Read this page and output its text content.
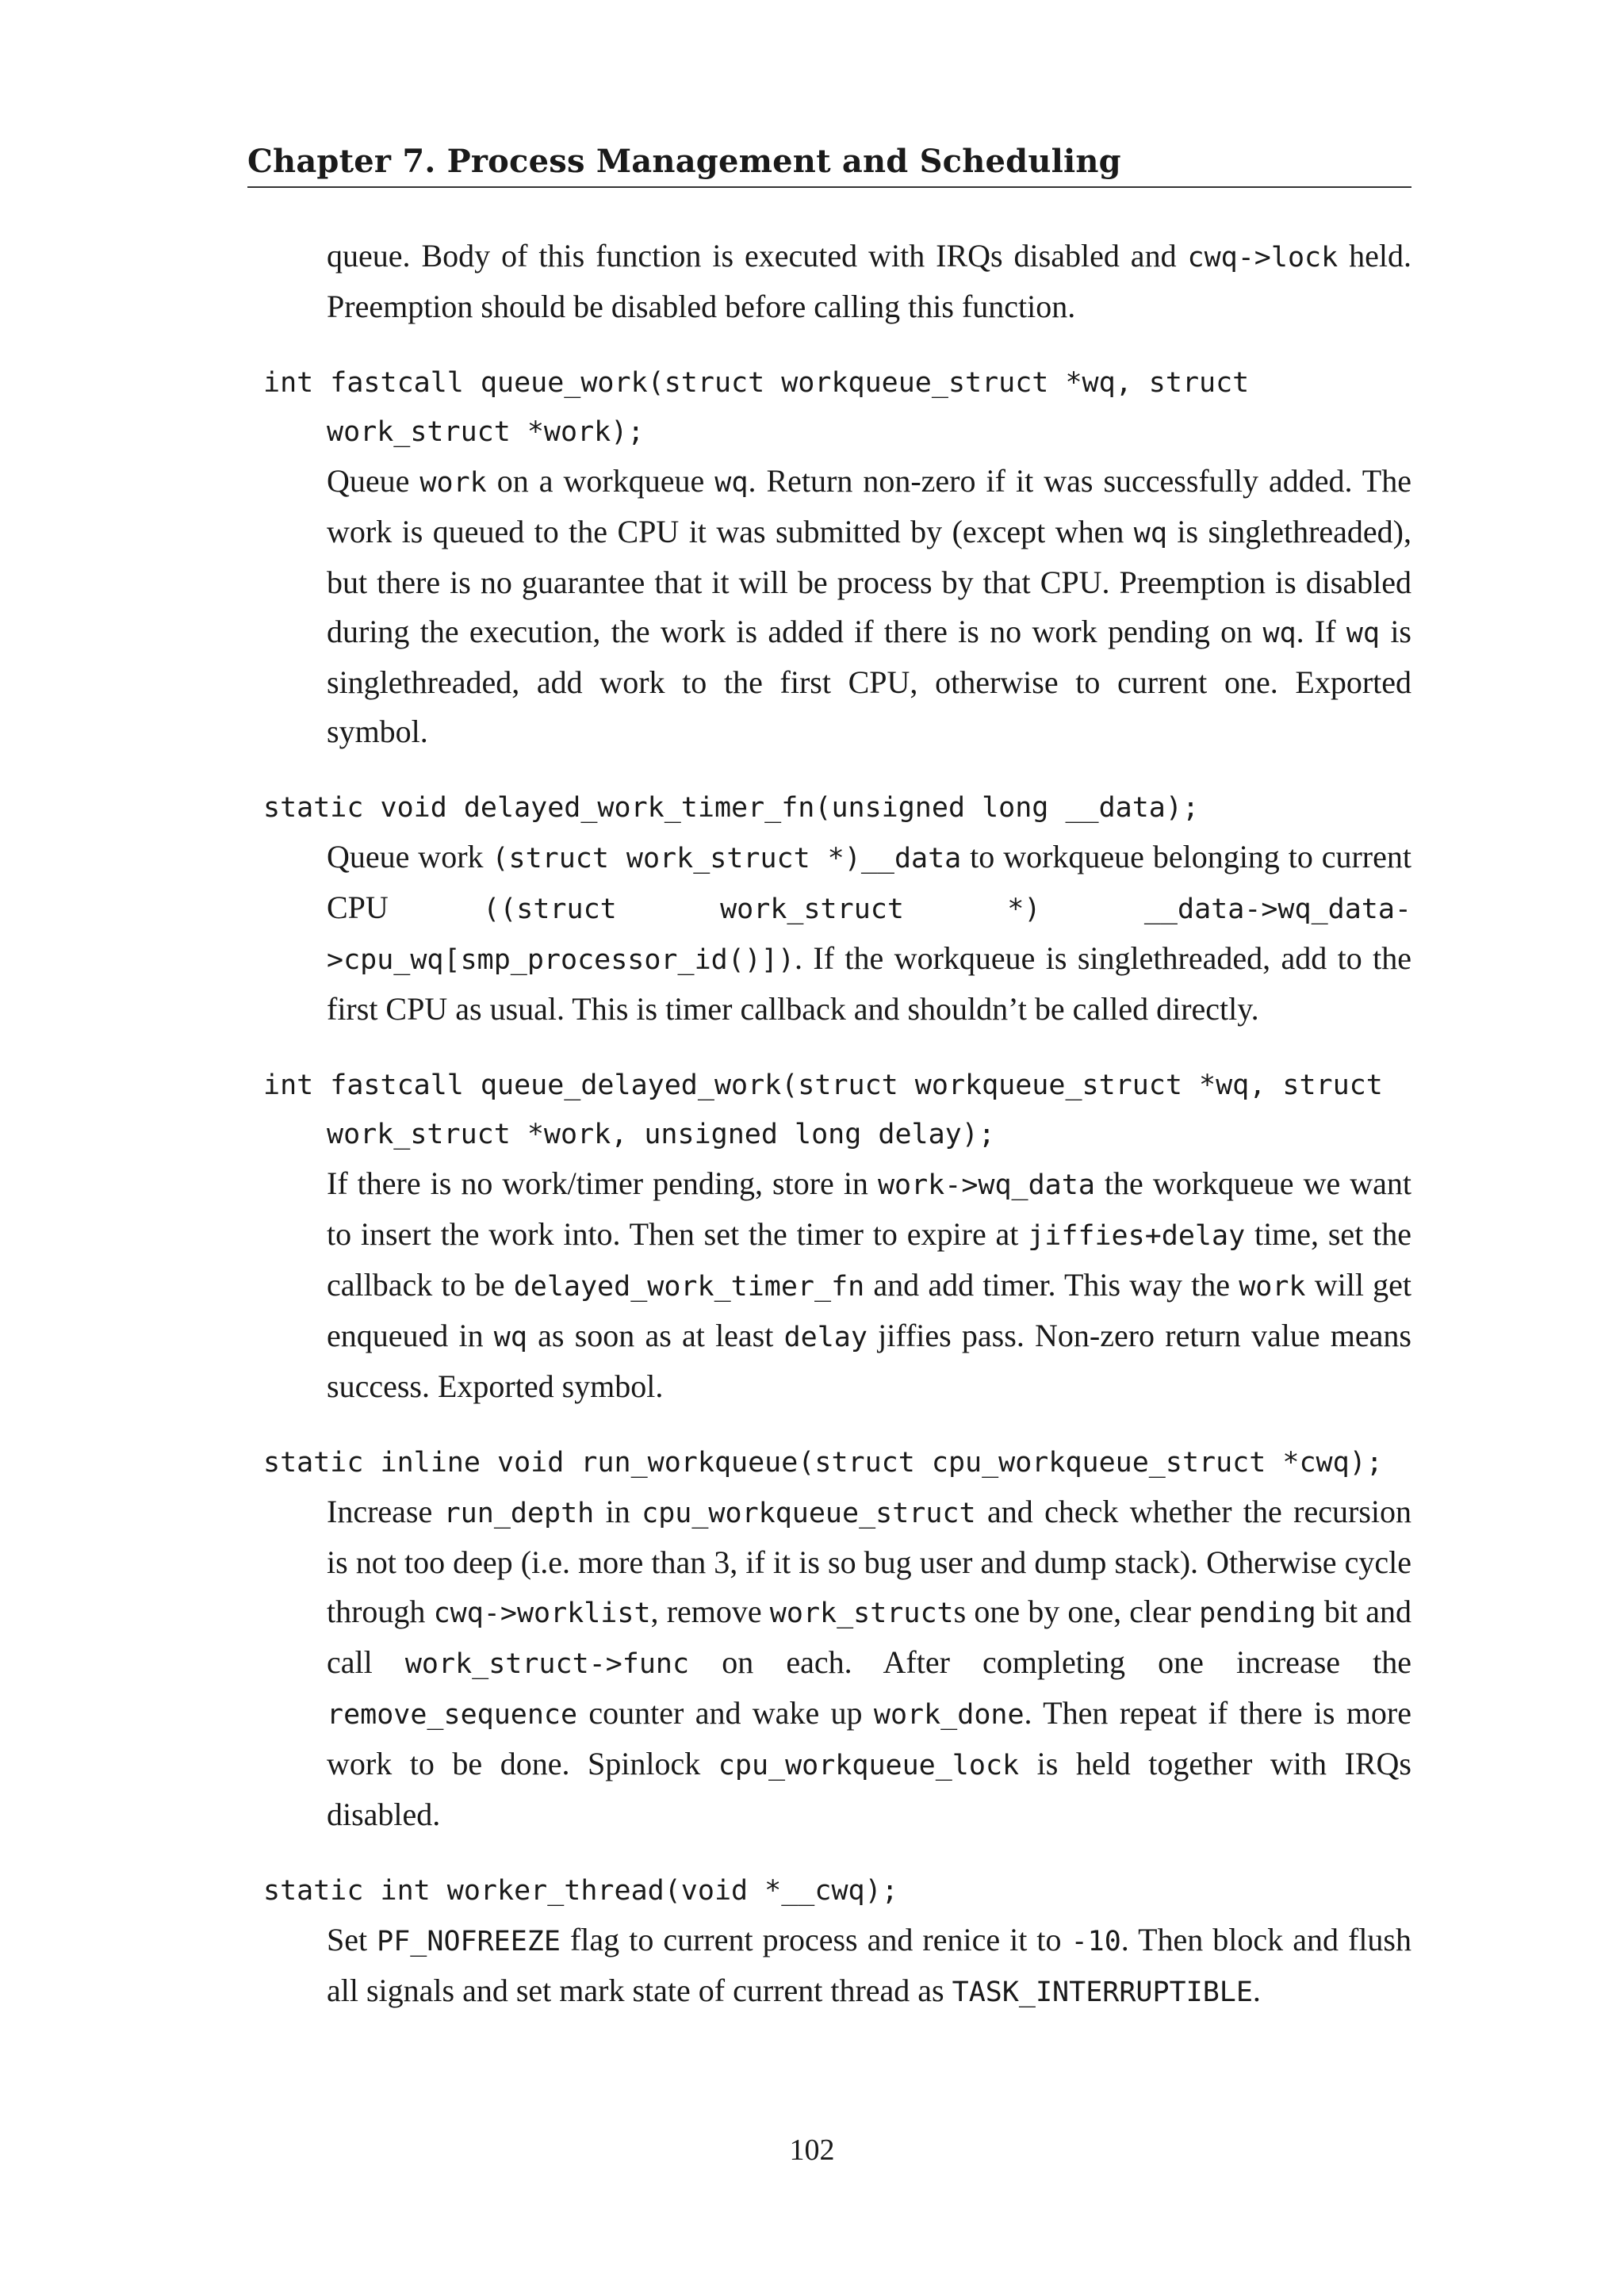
Chapter 7. Process Management and Scheduling
queue. Body of this function is executed with IRQs disabled and cwq->lock held. Preemption should be disabled before calling this function.
int fastcall queue_work(struct workqueue_struct *wq, struct
work_struct *work);
Queue work on a workqueue wq. Return non-zero if it was successfully added. The work is queued to the CPU it was submitted by (except when wq is singlethreaded), but there is no guarantee that it will be process by that CPU. Preemption is disabled during the execution, the work is added if there is no work pending on wq. If wq is singlethreaded, add work to the first CPU, otherwise to current one. Exported symbol.
static void delayed_work_timer_fn(unsigned long __data);
Queue work (struct work_struct *)__data to workqueue belonging to current CPU ((struct work_struct *) __data->wq_data->cpu_wq[smp_processor_id()]). If the workqueue is singlethreaded, add to the first CPU as usual. This is timer callback and shouldn’t be called directly.
int fastcall queue_delayed_work(struct workqueue_struct *wq, struct
work_struct *work, unsigned long delay);
If there is no work/timer pending, store in work->wq_data the workqueue we want to insert the work into. Then set the timer to expire at jiffies+delay time, set the callback to be delayed_work_timer_fn and add timer. This way the work will get enqueued in wq as soon as at least delay jiffies pass. Non-zero return value means success. Exported symbol.
static inline void run_workqueue(struct cpu_workqueue_struct *cwq);
Increase run_depth in cpu_workqueue_struct and check whether the recursion is not too deep (i.e. more than 3, if it is so bug user and dump stack). Otherwise cycle through cwq->worklist, remove work_structs one by one, clear pending bit and call work_struct->func on each. After completing one increase the remove_sequence counter and wake up work_done. Then repeat if there is more work to be done. Spinlock cpu_workqueue_lock is held together with IRQs disabled.
static int worker_thread(void *__cwq);
Set PF_NOFREEZE flag to current process and renice it to -10. Then block and flush all signals and set mark state of current thread as TASK_INTERRUPTIBLE.
102
